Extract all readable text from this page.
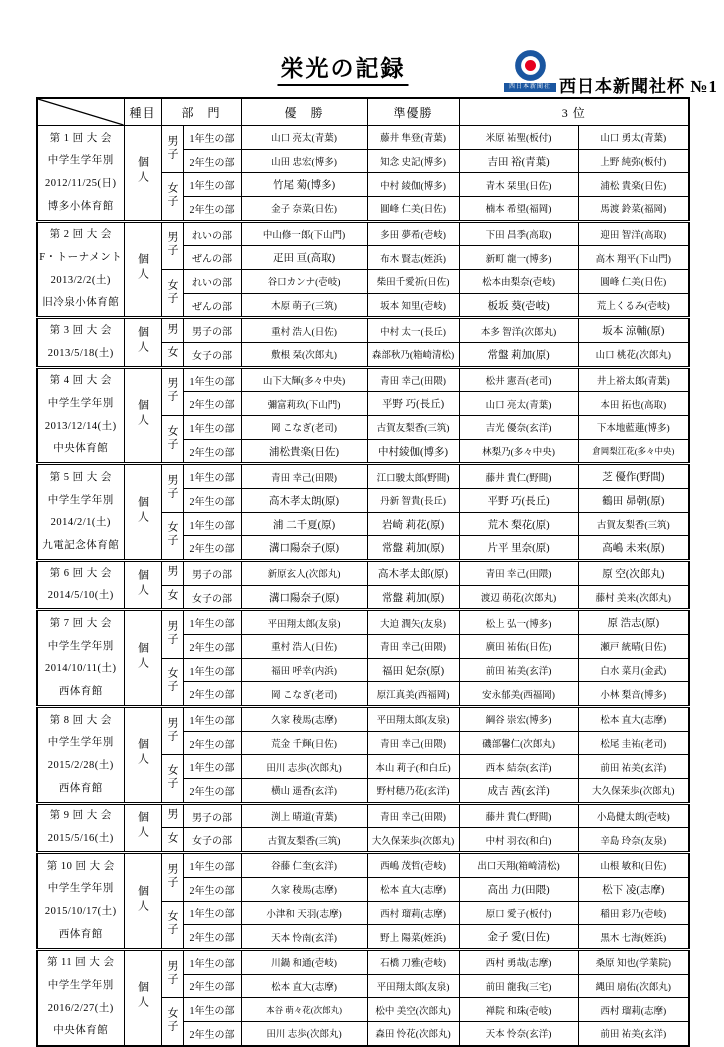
栄光の記録
西日本新聞社 西日本新聞社杯 №1
	種目	部　門		優　勝	準優勝	3 位	

第 1 回 大 会
中学生学年別
2012/11/25(日)
博多小体育館	個人	男子	1年生の部	山口 亮太(青葉)	藤井 隼登(青葉)	米原 祐聖(板付)	山口 勇太(青葉)
			2年生の部	山田 忠宏(博多)	知念 史記(博多)	吉田 裕(青葉)	上野 純弥(板付)
		女子	1年生の部	竹尾 菊(博多)	中村 綾伽(博多)	青木 栞里(日佐)	浦松 貴楽(日佐)
			2年生の部	金子 奈菜(日佐)	圓峰 仁美(日佐)	楠本 希望(福岡)	馬渡 鈴菜(福岡)

第 2 回 大 会
F・トーナメント
2013/2/2(土)
旧冷泉小体育館	個人	男子	れいの部	中山修一郎(下山門)	多田 夢希(壱岐)	下田 昌季(高取)	迎田 智洋(高取)
			ぜんの部	疋田 亘(高取)	布木 賢志(姪浜)	新町 龍一(博多)	高木 翔平(下山門)
		女子	れいの部	谷口カンナ(壱岐)	柴田千愛祈(日佐)	松本由梨奈(壱岐)	圓峰 仁美(日佐)
			ぜんの部	木原 萌子(三筑)	坂本 知里(壱岐)	板坂 葵(壱岐)	荒上くるみ(壱岐)

第 3 回 大 会
2013/5/18(土)	個人	男	男子の部	重村 浩人(日佐)	中村 太一(長丘)	本多 智洋(次郎丸)	坂本 涼輔(原)
		女	女子の部	敷根 栞(次郎丸)	森部秋乃(箱崎清松)	常盤 莉加(原)	山口 桃花(次郎丸)

第 4 回 大 会
中学生学年別
2013/12/14(土)
中央体育館	個人	男子	1年生の部	山下大輝(多々中央)	青田 幸己(田隈)	松井 憲吾(老司)	井上裕太郎(青葉)
			2年生の部	彌富莉玖(下山門)	平野 巧(長丘)	山口 亮太(青葉)	本田 拓也(高取)
		女子	1年生の部	岡 こなぎ(老司)	古賀友梨香(三筑)	吉光 優奈(玄洋)	下本地藍蓮(博多)
			2年生の部	浦松貴楽(日佐)	中村綾伽(博多)	林梨乃(多々中央)	倉岡梨江花(多々中央)

第 5 回 大 会
中学生学年別
2014/2/1(土)
九電記念体育館	個人	男子	1年生の部	青田 幸己(田隈)	江口駿太郎(野間)	藤井 貴仁(野間)	芝 優作(野間)
			2年生の部	高木孝太朗(原)	丹新 智貴(長丘)	平野 巧(長丘)	鶴田 昴朝(原)
		女子	1年生の部	浦 二千夏(原)	岩崎 莉花(原)	荒木 梨花(原)	古賀友梨香(三筑)
			2年生の部	溝口陽奈子(原)	常盤 莉加(原)	片平 里奈(原)	高嶋 未来(原)

第 6 回 大 会
2014/5/10(土)	個人	男	男子の部	新原玄人(次郎丸)	高木孝太郎(原)	青田 幸己(田隈)	原 空(次郎丸)
		女	女子の部	溝口陽奈子(原)	常盤 莉加(原)	渡辺 萌花(次郎丸)	藤村 美来(次郎丸)

第 7 回 大 会
中学生学年別
2014/10/11(土)
西体育館	個人	男子	1年生の部	平田翔太郎(友泉)	大迫 潤矢(友泉)	松上 弘一(博多)	原 浩志(原)
			2年生の部	重村 浩人(日佐)	青田 幸己(田隈)	廣田 祐佑(日佐)	瀬戸 統晴(日佐)
		女子	1年生の部	福田 呼幸(内浜)	福田 妃奈(原)	前田 祐美(玄洋)	白水 菜月(金武)
			2年生の部	岡 こなぎ(老司)	原江真美(西福岡)	安永郁美(西福岡)	小林 梨音(博多)

第 8 回 大 会
中学生学年別
2015/2/28(土)
西体育館	個人	男子	1年生の部	久家 稜馬(志摩)	平田翔太郎(友泉)	綱谷 崇宏(博多)	松本 直大(志摩)
			2年生の部	荒金 千輝(日佐)	青田 幸己(田隈)	磯部馨仁(次郎丸)	松尾 圭祐(老司)
		女子	1年生の部	田川 志歩(次郎丸)	本山 莉子(和白丘)	西本 結奈(玄洋)	前田 祐美(玄洋)
			2年生の部	横山 遥香(玄洋)	野村穂乃花(玄洋)	成吉 茜(玄洋)	大久保茉歩(次郎丸)

第 9 回 大 会
2015/5/16(土)	個人	男	男子の部	渕上 晴道(青葉)	青田 幸己(田隈)	藤井 貴仁(野間)	小島健太朗(壱岐)
		女	女子の部	古賀友梨香(三筑)	大久保茉歩(次郎丸)	中村 羽衣(和白)	辛島 玲奈(友泉)

第 10 回 大 会
中学生学年別
2015/10/17(土)
西体育館	個人	男子	1年生の部	谷藤 仁奎(玄洋)	西嶋 茂哲(壱岐)	出口天翔(箱崎清松)	山根 敏和(日佐)
			2年生の部	久家 稜馬(志摩)	松本 直大(志摩)	高出 力(田隈)	松下 凌(志摩)
		女子	1年生の部	小津和 天羽(志摩)	西村 瑠莉(志摩)	原口 愛子(板付)	稲田 彩乃(壱岐)
			2年生の部	天本 怜南(玄洋)	野上 陽菜(姪浜)	金子 愛(日佐)	黒木 七海(姪浜)

第 11 回 大 会
中学生学年別
2016/2/27(土)
中央体育館	個人	男子	1年生の部	川鍋 和通(壱岐)	石橋 刀雅(壱岐)	西村 勇哉(志摩)	桑原 知也(学業院)
			2年生の部	松本 直大(志摩)	平田翔太郎(友泉)	前田 龍我(三宅)	縄田 扇佑(次郎丸)
		女子	1年生の部	本谷 萌々花(次郎丸)	松中 美空(次郎丸)	禅院 和珠(壱岐)	西村 瑠莉(志摩)
			2年生の部	田川 志歩(次郎丸)	森田 怜花(次郎丸)	天本 怜奈(玄洋)	前田 祐美(玄洋)
